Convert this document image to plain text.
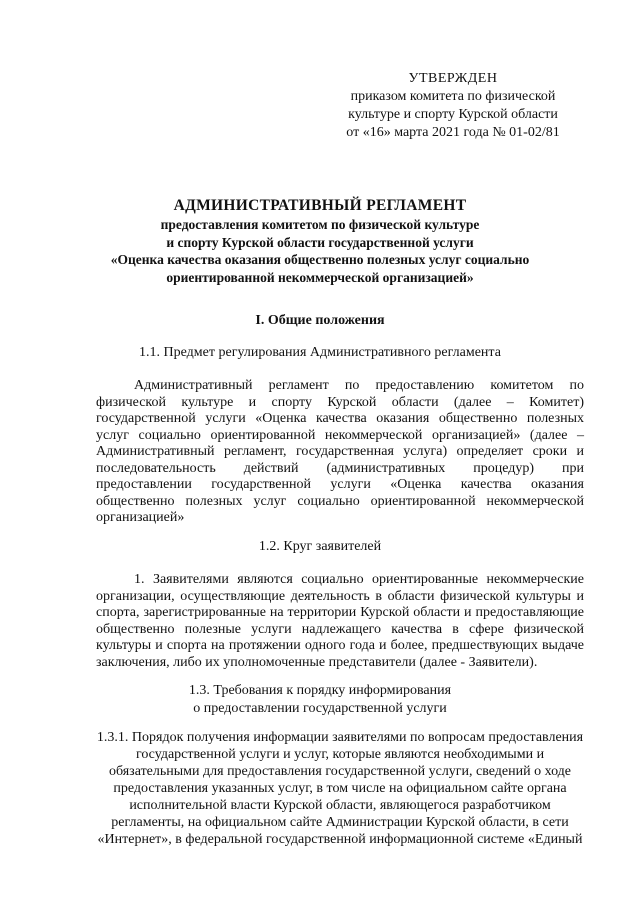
УТВЕРЖДЕН
приказом комитета по физической
культуре и спорту Курской области
от «16» марта 2021 года № 01-02/81
АДМИНИСТРАТИВНЫЙ РЕГЛАМЕНТ
предоставления комитетом по физической культуре
и спорту Курской области государственной услуги
«Оценка качества оказания общественно полезных услуг социально
ориентированной некоммерческой организацией»
I. Общие положения
1.1. Предмет регулирования Административного регламента
Административный регламент по предоставлению комитетом по физической культуре и спорту Курской области (далее – Комитет) государственной услуги «Оценка качества оказания общественно полезных услуг социально ориентированной некоммерческой организацией» (далее – Административный регламент, государственная услуга) определяет сроки и последовательность действий (административных процедур) при предоставлении государственной услуги «Оценка качества оказания общественно полезных услуг социально ориентированной некоммерческой организацией»
1.2. Круг заявителей
1. Заявителями являются социально ориентированные некоммерческие организации, осуществляющие деятельность в области физической культуры и спорта, зарегистрированные на территории Курской области и предоставляющие общественно полезные услуги надлежащего качества в сфере физической культуры и спорта на протяжении одного года и более, предшествующих выдаче заключения, либо их уполномоченные представители (далее - Заявители).
1.3. Требования к порядку информирования
о предоставлении государственной услуги
1.3.1. Порядок получения информации заявителями по вопросам предоставления
государственной услуги и услуг, которые являются необходимыми и
обязательными для предоставления государственной услуги, сведений о ходе
предоставления указанных услуг, в том числе на официальном сайте органа
исполнительной власти Курской области, являющегося разработчиком
регламенты, на официальном сайте Администрации Курской области, в сети
«Интернет», в федеральной государственной информационной системе «Единый
